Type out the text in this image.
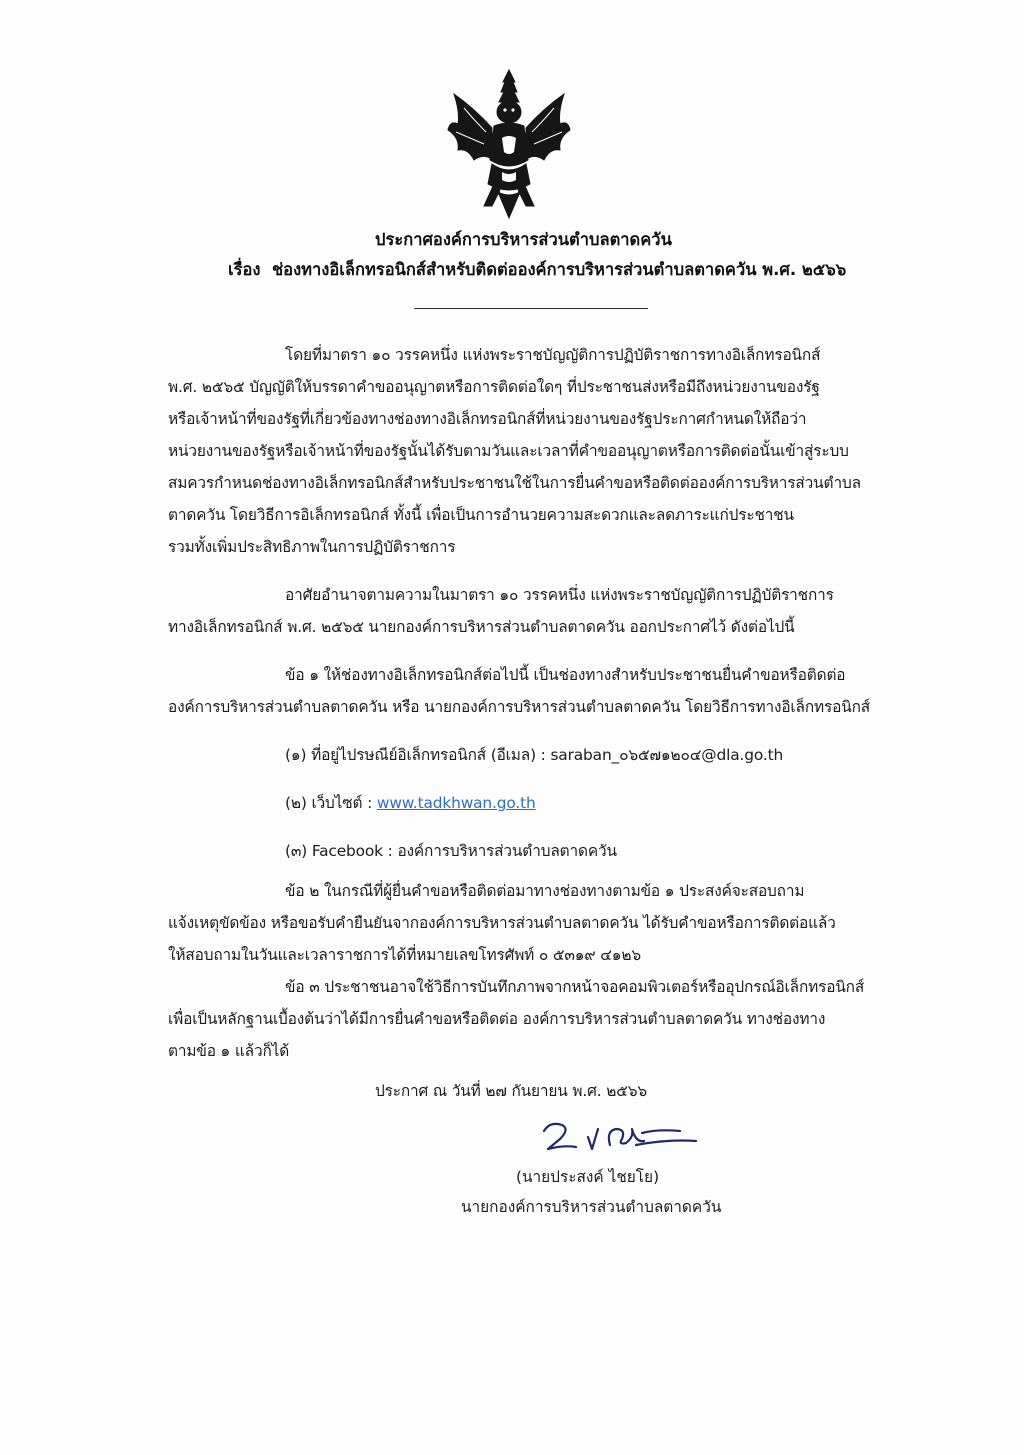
ประกาศองค์การบริหารส่วนตำบลตาดควัน

เรื่อง ช่องทางอิเล็กทรอนิกส์สำหรับติดต่อองค์การบริหารส่วนตำบลตาดควัน พ.ศ. ๒๕๖๖

โดยที่มาตรา ๑๐ วรรคหนึ่ง แห่งพระราชบัญญัติการปฏิบัติราชการทางอิเล็กทรอนิกส์

พ.ศ. ๒๕๖๕ บัญญัติให้บรรดาคำขออนุญาตหรือการติดต่อใดๆ ที่ประชาชนส่งหรือมีถึงหน่วยงานของรัฐ

หรือเจ้าหน้าที่ของรัฐที่เกี่ยวข้องทางช่องทางอิเล็กทรอนิกส์ที่หน่วยงานของรัฐประกาศกำหนดให้ถือว่า

หน่วยงานของรัฐหรือเจ้าหน้าที่ของรัฐนั้นได้รับตามวันและเวลาที่คำขออนุญาตหรือการติดต่อนั้นเข้าสู่ระบบ

สมควรกำหนดช่องทางอิเล็กทรอนิกส์สำหรับประชาชนใช้ในการยื่นคำขอหรือติดต่อองค์การบริหารส่วนตำบล

ตาดควัน โดยวิธีการอิเล็กทรอนิกส์ ทั้งนี้ เพื่อเป็นการอำนวยความสะดวกและลดภาระแก่ประชาชน

รวมทั้งเพิ่มประสิทธิภาพในการปฏิบัติราชการ

อาศัยอำนาจตามความในมาตรา ๑๐ วรรคหนึ่ง แห่งพระราชบัญญัติการปฏิบัติราชการ

ทางอิเล็กทรอนิกส์ พ.ศ. ๒๕๖๕ นายกองค์การบริหารส่วนตำบลตาดควัน ออกประกาศไว้ ดังต่อไปนี้

ข้อ ๑ ให้ช่องทางอิเล็กทรอนิกส์ต่อไปนี้ เป็นช่องทางสำหรับประชาชนยื่นคำขอหรือติดต่อ

องค์การบริหารส่วนตำบลตาดควัน หรือ นายกองค์การบริหารส่วนตำบลตาดควัน โดยวิธีการทางอิเล็กทรอนิกส์

(๑) ที่อยู่ไปรษณีย์อิเล็กทรอนิกส์ (อีเมล) : saraban_๐๖๕๗๑๒๐๔@dla.go.th

(๒) เว็บไซต์ : www.tadkhwan.go.th

(๓) Facebook : องค์การบริหารส่วนตำบลตาดควัน

ข้อ ๒ ในกรณีที่ผู้ยื่นคำขอหรือติดต่อมาทางช่องทางตามข้อ ๑ ประสงค์จะสอบถาม

แจ้งเหตุขัดข้อง หรือขอรับคำยืนยันจากองค์การบริหารส่วนตำบลตาดควัน ได้รับคำขอหรือการติดต่อแล้ว

ให้สอบถามในวันและเวลาราชการได้ที่หมายเลขโทรศัพท์ ๐ ๕๓๑๙ ๔๑๒๖

ข้อ ๓ ประชาชนอาจใช้วิธีการบันทึกภาพจากหน้าจอคอมพิวเตอร์หรืออุปกรณ์อิเล็กทรอนิกส์

เพื่อเป็นหลักฐานเบื้องต้นว่าได้มีการยื่นคำขอหรือติดต่อ องค์การบริหารส่วนตำบลตาดควัน ทางช่องทาง

ตามข้อ ๑ แล้วก็ได้

ประกาศ ณ วันที่ ๒๗ กันยายน พ.ศ. ๒๕๖๖

(นายประสงค์ ไชยโย)

นายกองค์การบริหารส่วนตำบลตาดควัน
